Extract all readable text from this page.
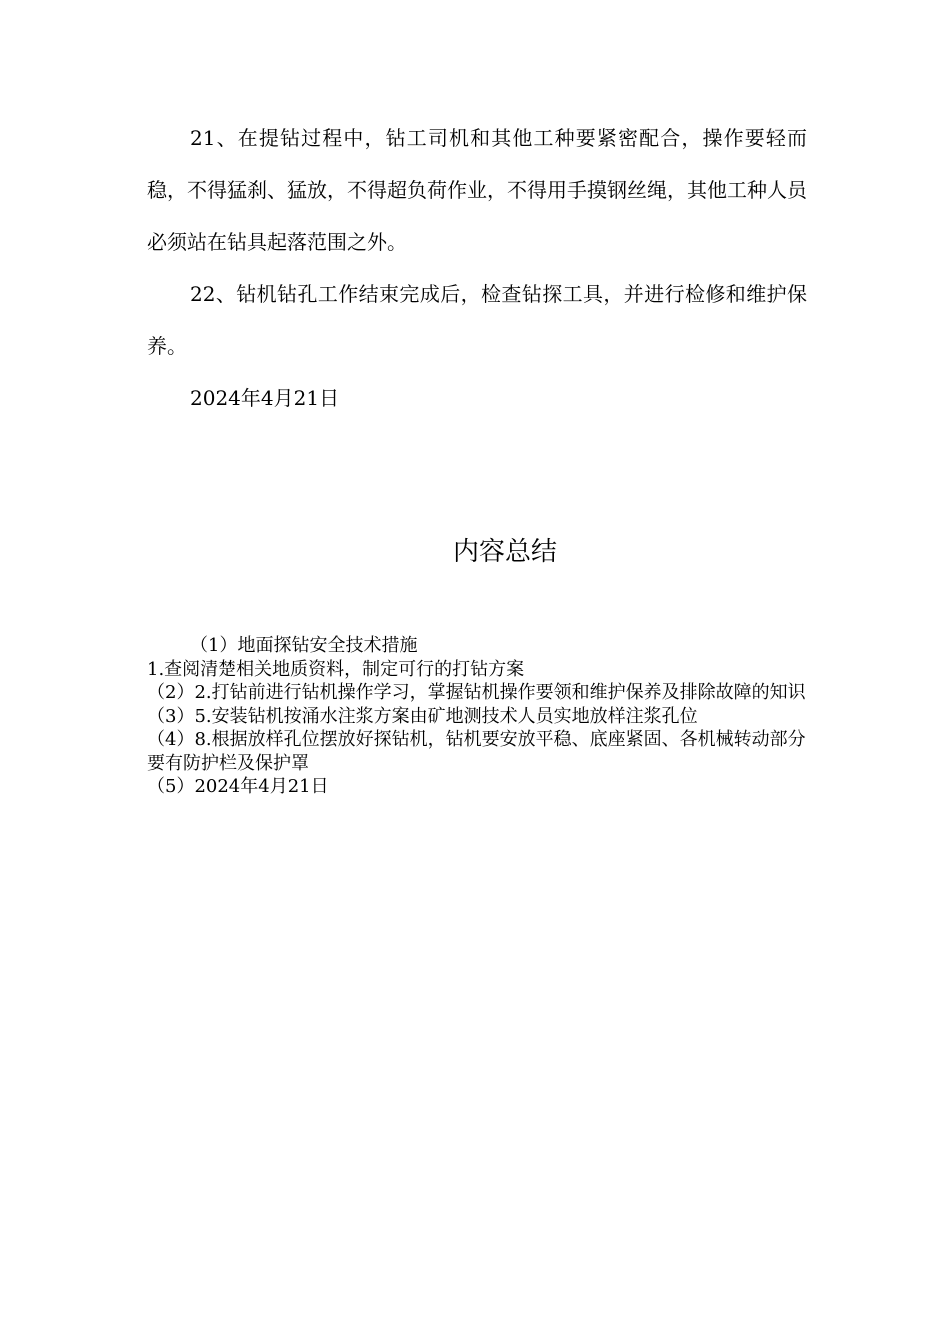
21、在提钻过程中，钻工司机和其他工种要紧密配合，操作要轻而稳，不得猛刹、猛放，不得超负荷作业，不得用手摸钢丝绳，其他工种人员必须站在钻具起落范围之外。

22、钻机钻孔工作结束完成后，检查钻探工具，并进行检修和维护保养。

2024年4月21日

内容总结
（1）地面探钻安全技术措施
1.查阅清楚相关地质资料，制定可行的打钻方案
（2）2.打钻前进行钻机操作学习，掌握钻机操作要领和维护保养及排除故障的知识
（3）5.安装钻机按涌水注浆方案由矿地测技术人员实地放样注浆孔位
（4）8.根据放样孔位摆放好探钻机，钻机要安放平稳、底座紧固、各机械转动部分要有防护栏及保护罩
（5）2024年4月21日
